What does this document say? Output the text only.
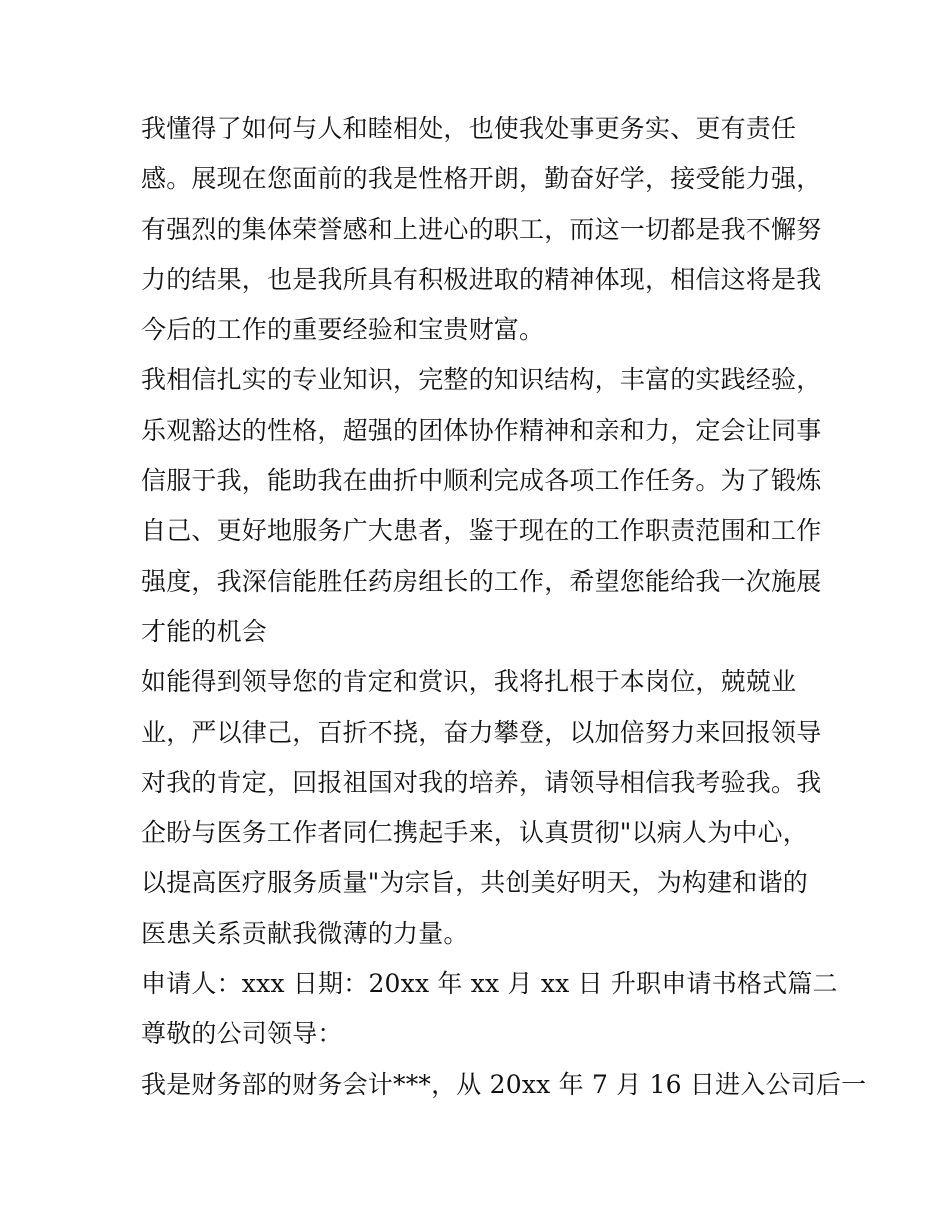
我懂得了如何与人和睦相处，也使我处事更务实、更有责任
感。展现在您面前的我是性格开朗，勤奋好学，接受能力强，
有强烈的集体荣誉感和上进心的职工，而这一切都是我不懈努
力的结果，也是我所具有积极进取的精神体现，相信这将是我
今后的工作的重要经验和宝贵财富。
我相信扎实的专业知识，完整的知识结构，丰富的实践经验，
乐观豁达的性格，超强的团体协作精神和亲和力，定会让同事
信服于我，能助我在曲折中顺利完成各项工作任务。为了锻炼
自己、更好地服务广大患者，鉴于现在的工作职责范围和工作
强度，我深信能胜任药房组长的工作，希望您能给我一次施展
才能的机会
如能得到领导您的肯定和赏识，我将扎根于本岗位，兢兢业
业，严以律己，百折不挠，奋力攀登，以加倍努力来回报领导
对我的肯定，回报祖国对我的培养，请领导相信我考验我。我
企盼与医务工作者同仁携起手来，认真贯彻"以病人为中心，
以提高医疗服务质量"为宗旨，共创美好明天，为构建和谐的
医患关系贡献我微薄的力量。
申请人：xxx 日期：20xx 年 xx 月 xx 日 升职申请书格式篇二
尊敬的公司领导：
我是财务部的财务会计***，从 20xx 年 7 月 16 日进入公司后一
